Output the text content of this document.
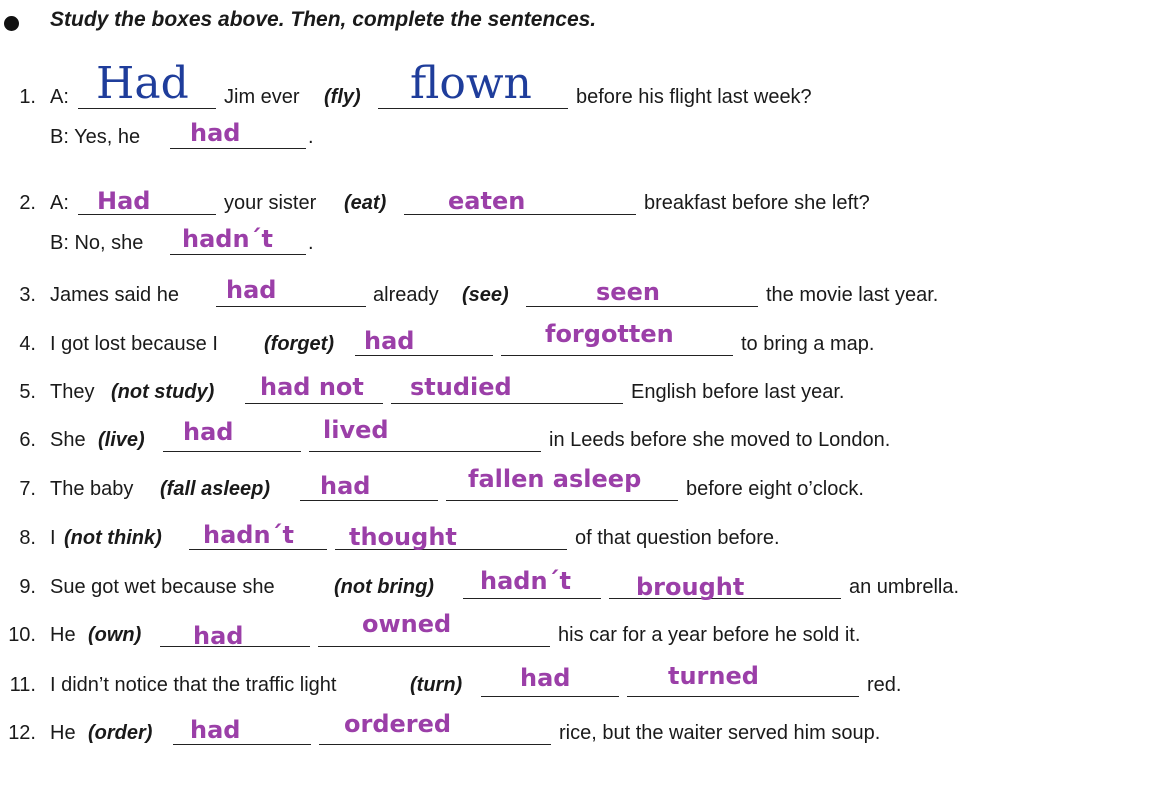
Study the boxes above. Then, complete the sentences.
1. A: Had Jim ever (fly) flown before his flight last week?
B: Yes, he had	.
2. A: Had	your sister (eat)	eaten	breakfast before she left?
B: No, she hadn´t .
3. James said he had	already (see)	seen	the movie last year.
4. I got lost because I (forget) had	forgotten	to bring a map.
5. They (not study) had not studied	English before last year.
6. She (live) had	lived	in Leeds before she moved to London.
7. The baby (fall asleep) had	fallen asleep before eight o’clock.
8. I (not think) hadn´t thought	of that question before.
9. Sue got wet because she	(not bring) hadn´t	brought	an umbrella.
10. He (own) had	owned	his car for a year before he sold it.
11. I didn’t notice that the traffic light	(turn) had	turned	red.
12. He (order) had	ordered	rice, but the waiter served him soup.
